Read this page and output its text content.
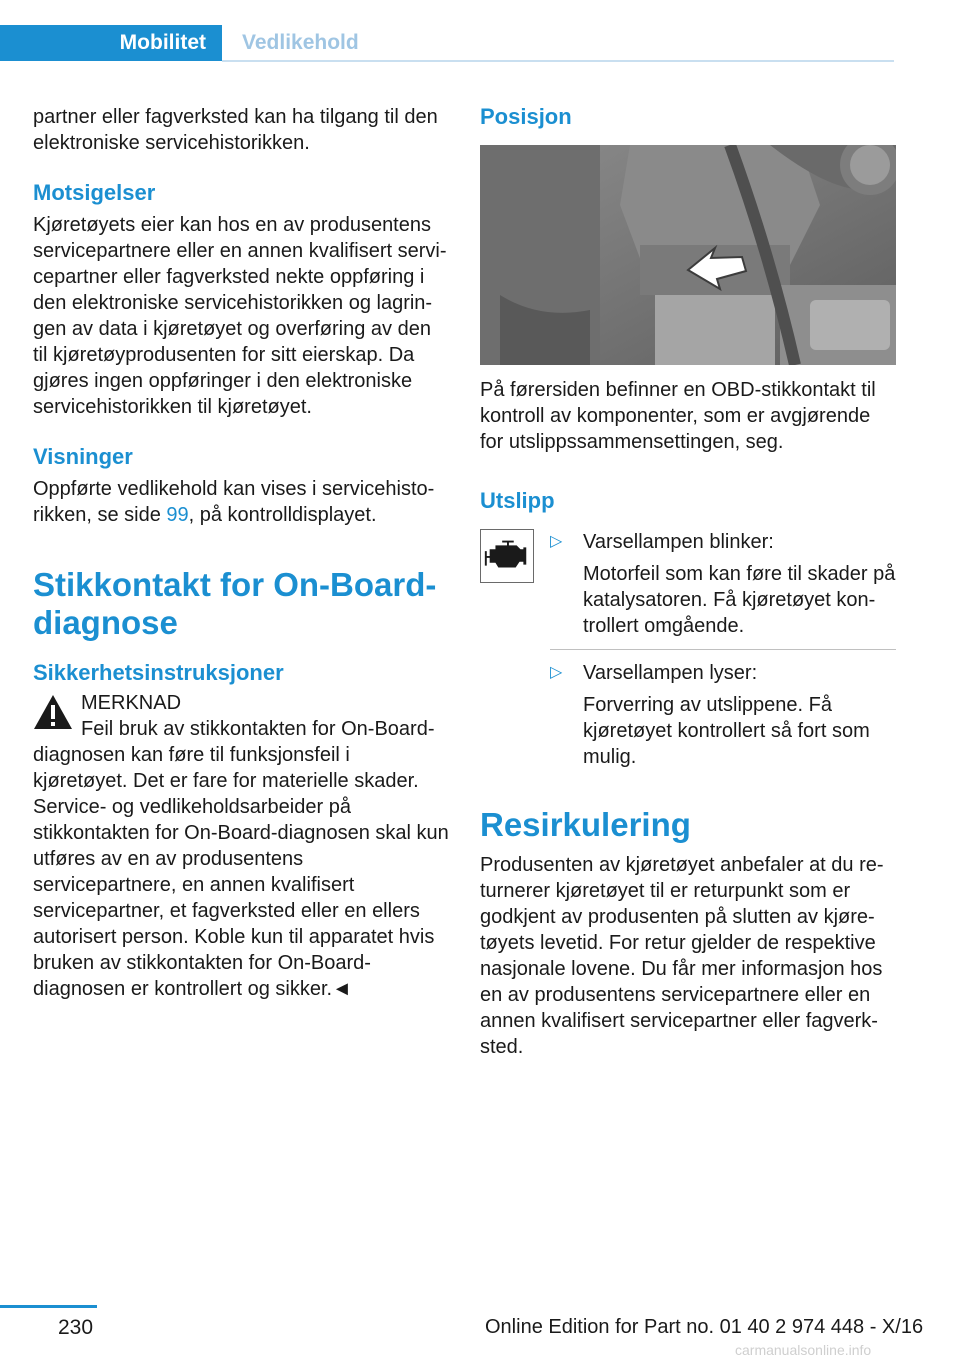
Mobilitet	Vedlikehold

partner eller fagverksted kan ha tilgang til den elektroniske servicehistorikken.

Motsigelser

Kjøretøyets eier kan hos en av produsentens servicepartnere eller en annen kvalifisert servicepartner eller fagverksted nekte oppføring i den elektroniske servicehistorikken og lagringen av data i kjøretøyet og overføring av den til kjøretøyprodusenten for sitt eierskap. Da gjøres ingen oppføringer i den elektroniske servicehistorikken til kjøretøyet.

Visninger

Oppførte vedlikehold kan vises i servicehistorikken, se side 99, på kontrolldisplayet.

Stikkontakt for On-Board-diagnose
Sikkerhetsinstruksjoner

MERKNAD

Feil bruk av stikkontakten for On-Board-

diagnosen kan føre til funksjonsfeil i kjøretøyet. Det er fare for materielle skader. Service- og vedlikeholdsarbeider på stikkontakten for On-Board-diagnosen skal kun utføres av en av produsentens servicepartnere, en annen kvalifisert servicepartner, et fagverksted eller en ellers autorisert person. Koble kun til apparatet hvis bruken av stikkontakten for On-Board-diagnosen er kontrollert og sikker.◄

Posisjon

På førersiden befinner en OBD-stikkontakt til kontroll av komponenter, som er avgjørende for utslippssammensettingen, seg.

Utslipp
▷ Varsellampen blinker:

Motorfeil som kan føre til skader på katalysatoren. Få kjøretøyet kontrollert omgående.

▷ Varsellampen lyser:

Forverring av utslippene. Få kjøretøyet kontrollert så fort som mulig.

Resirkulering

Produsenten av kjøretøyet anbefaler at du returnerer kjøretøyet til er returpunkt som er godkjent av produsenten på slutten av kjøretøyets levetid. For retur gjelder de respektive nasjonale lovene. Du får mer informasjon hos en av produsentens servicepartnere eller en annen kvalifisert servicepartner eller fagverksted.

230	Online Edition for Part no. 01 40 2 974 448 - X/16
carmanualsonline.info
